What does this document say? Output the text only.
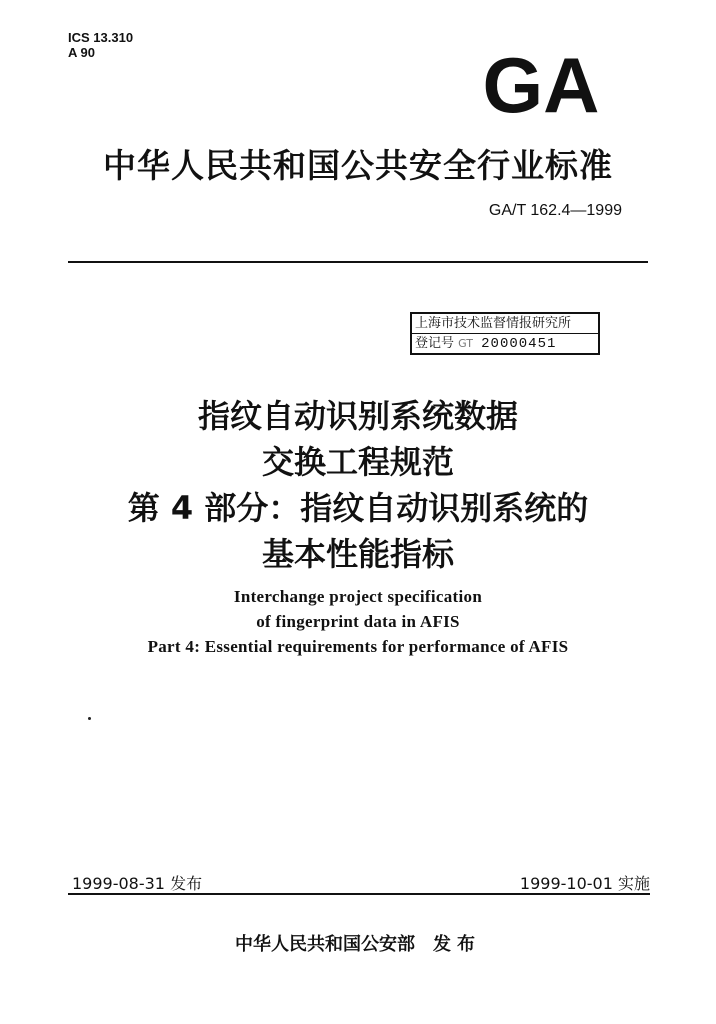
ICS 13.310
A 90	GA
中华人民共和国公共安全行业标准
GA/T 162.4—1999
上海市技术监督情报研究所
登记号 GT 20000451
指纹自动识别系统数据
交换工程规范
第 4 部分：指纹自动识别系统的
基本性能指标
Interchange project specification
of fingerprint data in AFIS
Part 4: Essential requirements for performance of AFIS
1999-08-31 发布	1999-10-01 实施
中华人民共和国公安部 发布
